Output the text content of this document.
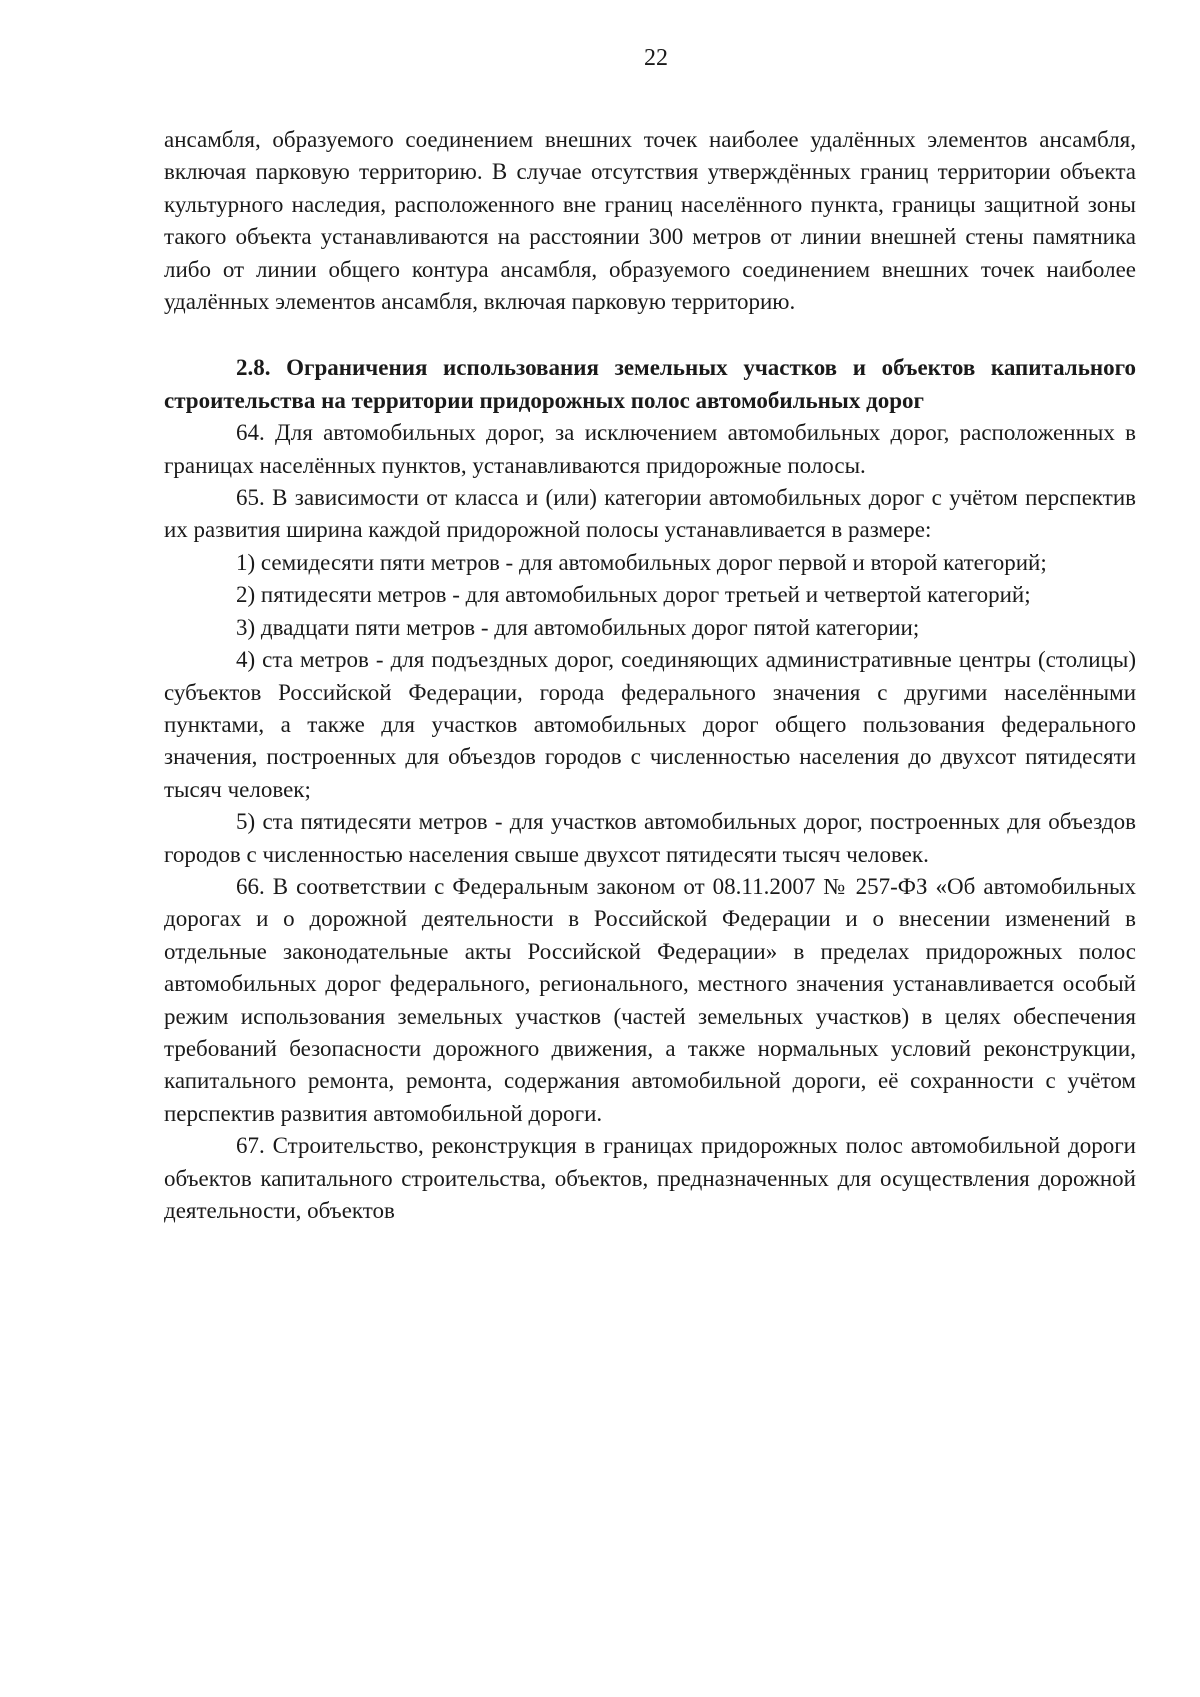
22

ансамбля, образуемого соединением внешних точек наиболее удалённых элементов ансамбля, включая парковую территорию. В случае отсутствия утверждённых границ территории объекта культурного наследия, расположенного вне границ населённого пункта, границы защитной зоны такого объекта устанавливаются на расстоянии 300 метров от линии внешней стены памятника либо от линии общего контура ансамбля, образуемого соединением внешних точек наиболее удалённых элементов ансамбля, включая парковую территорию.

2.8. Ограничения использования земельных участков и объектов капитального строительства на территории придорожных полос автомобильных дорог

64. Для автомобильных дорог, за исключением автомобильных дорог, расположенных в границах населённых пунктов, устанавливаются придорожные полосы.

65. В зависимости от класса и (или) категории автомобильных дорог с учётом перспектив их развития ширина каждой придорожной полосы устанавливается в размере:

1) семидесяти пяти метров - для автомобильных дорог первой и второй категорий;

2) пятидесяти метров - для автомобильных дорог третьей и четвертой категорий;

3) двадцати пяти метров - для автомобильных дорог пятой категории;

4) ста метров - для подъездных дорог, соединяющих административные центры (столицы) субъектов Российской Федерации, города федерального значения с другими населёнными пунктами, а также для участков автомобильных дорог общего пользования федерального значения, построенных для объездов городов с численностью населения до двухсот пятидесяти тысяч человек;

5) ста пятидесяти метров - для участков автомобильных дорог, построенных для объездов городов с численностью населения свыше двухсот пятидесяти тысяч человек.

66. В соответствии с Федеральным законом от 08.11.2007 № 257-ФЗ «Об автомобильных дорогах и о дорожной деятельности в Российской Федерации и о внесении изменений в отдельные законодательные акты Российской Федерации» в пределах придорожных полос автомобильных дорог федерального, регионального, местного значения устанавливается особый режим использования земельных участков (частей земельных участков) в целях обеспечения требований безопасности дорожного движения, а также нормальных условий реконструкции, капитального ремонта, ремонта, содержания автомобильной дороги, её сохранности с учётом перспектив развития автомобильной дороги.

67. Строительство, реконструкция в границах придорожных полос автомобильной дороги объектов капитального строительства, объектов, предназначенных для осуществления дорожной деятельности, объектов
